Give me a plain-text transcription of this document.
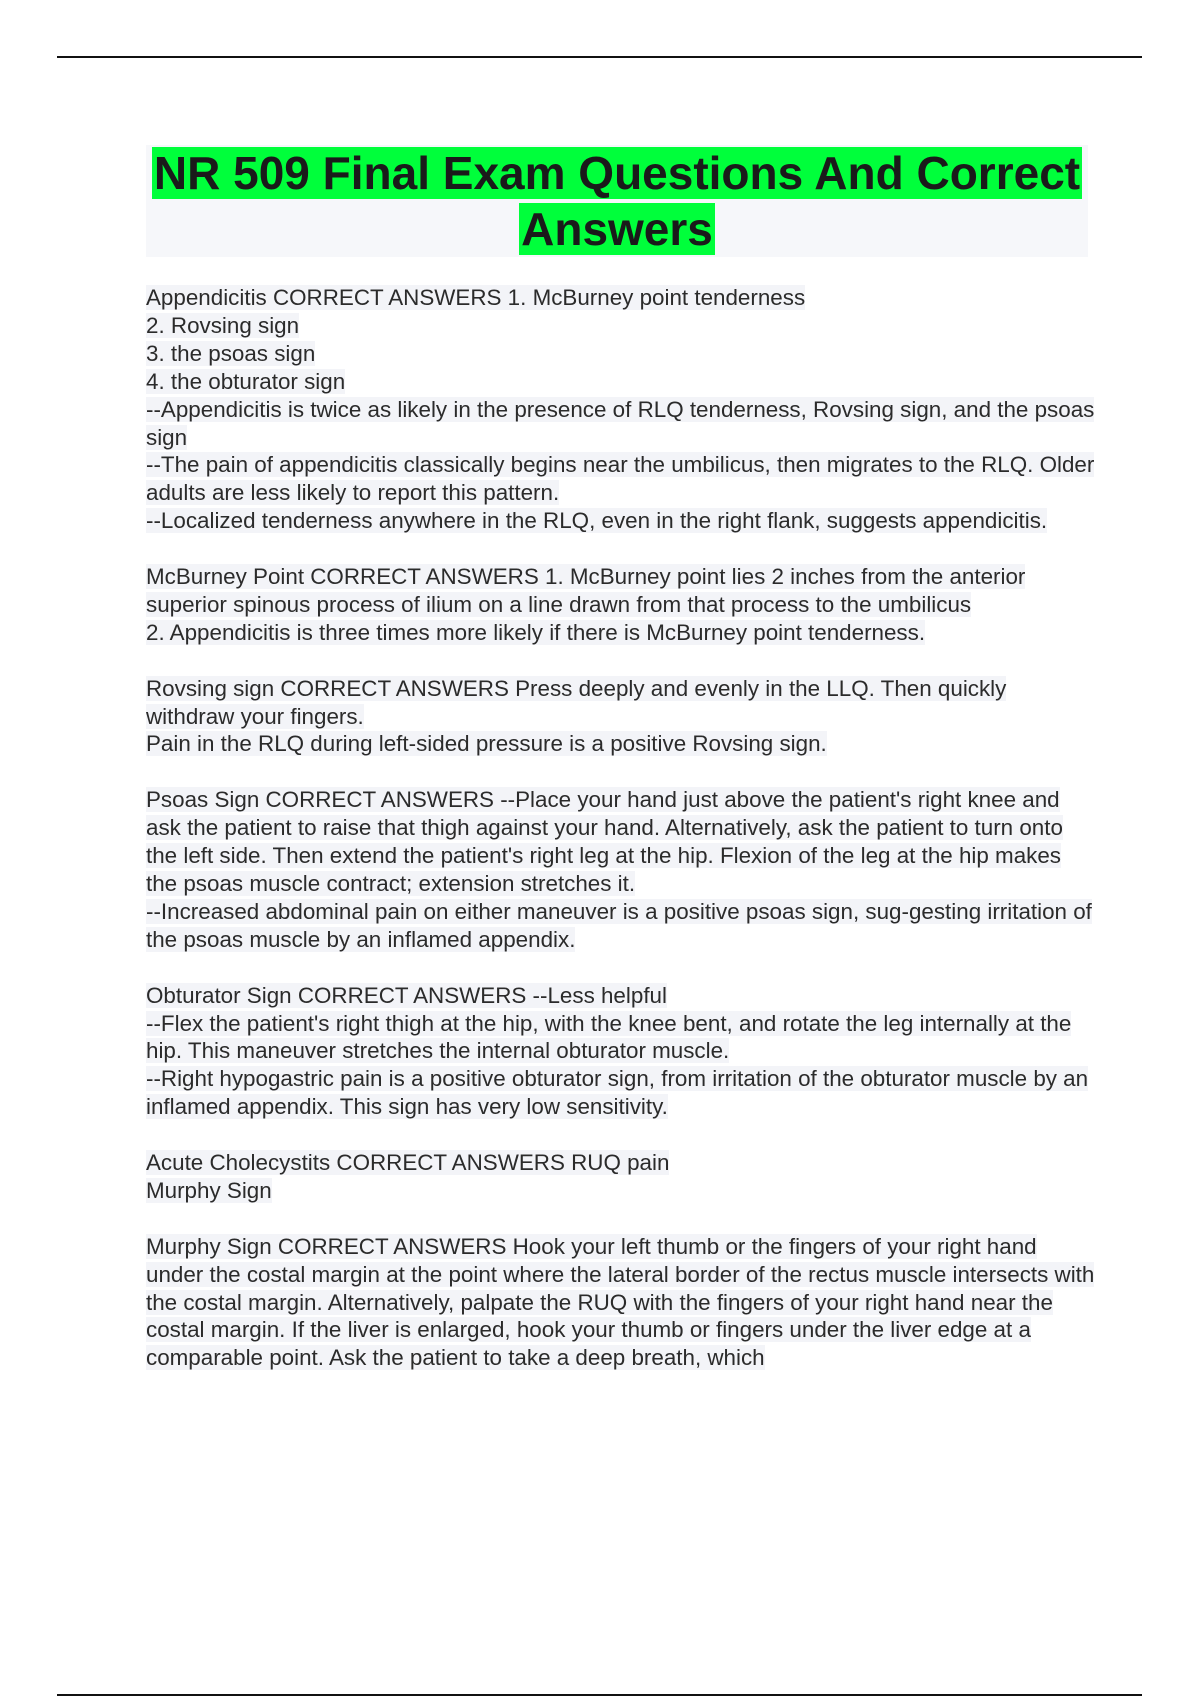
NR 509 Final Exam Questions And Correct Answers

Appendicitis CORRECT ANSWERS 1. McBurney point tenderness

2. Rovsing sign

3. the psoas sign

4. the obturator sign

--Appendicitis is twice as likely in the presence of RLQ tenderness, Rovsing sign, and the psoas sign

--The pain of appendicitis classically begins near the umbilicus, then migrates to the RLQ. Older adults are less likely to report this pattern.

--Localized tenderness anywhere in the RLQ, even in the right flank, suggests appendicitis.

McBurney Point CORRECT ANSWERS 1. McBurney point lies 2 inches from the anterior superior spinous process of ilium on a line drawn from that process to the umbilicus

2. Appendicitis is three times more likely if there is McBurney point tenderness.

Rovsing sign CORRECT ANSWERS Press deeply and evenly in the LLQ. Then quickly withdraw your fingers.

Pain in the RLQ during left-sided pressure is a positive Rovsing sign.

Psoas Sign CORRECT ANSWERS --Place your hand just above the patient's right knee and ask the patient to raise that thigh against your hand. Alternatively, ask the patient to turn onto the left side. Then extend the patient's right leg at the hip. Flexion of the leg at the hip makes the psoas muscle contract; extension stretches it.

--Increased abdominal pain on either maneuver is a positive psoas sign, sug-gesting irritation of the psoas muscle by an inflamed appendix.

Obturator Sign CORRECT ANSWERS --Less helpful

--Flex the patient's right thigh at the hip, with the knee bent, and rotate the leg internally at the hip. This maneuver stretches the internal obturator muscle.

--Right hypogastric pain is a positive obturator sign, from irritation of the obturator muscle by an inflamed appendix. This sign has very low sensitivity.

Acute Cholecystits CORRECT ANSWERS RUQ pain

Murphy Sign

Murphy Sign CORRECT ANSWERS Hook your left thumb or the fingers of your right hand under the costal margin at the point where the lateral border of the rectus muscle intersects with the costal margin. Alternatively, palpate the RUQ with the fingers of your right hand near the costal margin. If the liver is enlarged, hook your thumb or fingers under the liver edge at a comparable point. Ask the patient to take a deep breath, which
